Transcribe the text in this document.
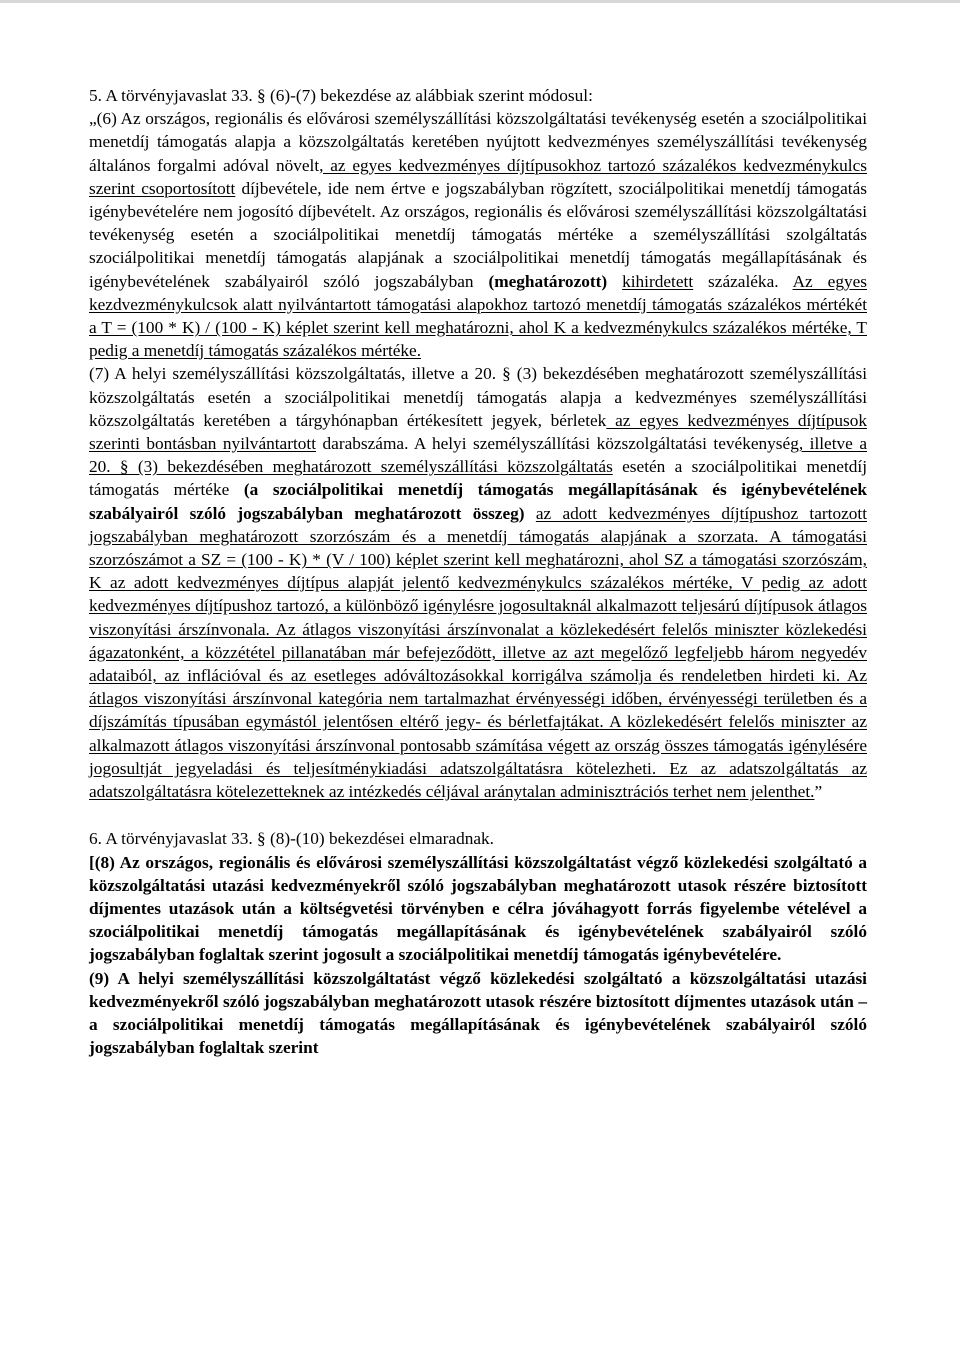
5. A törvényjavaslat 33. § (6)-(7) bekezdése az alábbiak szerint módosul:

„(6) Az országos, regionális és elővárosi személyszállítási közszolgáltatási tevékenység esetén a szociálpolitikai menetdíj támogatás alapja a közszolgáltatás keretében nyújtott kedvezményes személyszállítási tevékenység általános forgalmi adóval növelt, az egyes kedvezményes díjtípusokhoz tartozó százalékos kedvezménykulcs szerint csoportosított díjbevétele, ide nem értve e jogszabályban rögzített, szociálpolitikai menetdíj támogatás igénybevételére nem jogosító díjbevételt. Az országos, regionális és elővárosi személyszállítási közszolgáltatási tevékenység esetén a szociálpolitikai menetdíj támogatás mértéke a személyszállítási szolgáltatás szociálpolitikai menetdíj támogatás alapjának a szociálpolitikai menetdíj támogatás megállapításának és igénybevételének szabályairól szóló jogszabályban (meghatározott) kihirdetett százaléka. Az egyes kezdvezménykulcsok alatt nyilvántartott támogatási alapokhoz tartozó menetdíj támogatás százalékos mértékét a T = (100 * K) / (100 - K) képlet szerint kell meghatározni, ahol K a kedvezménykulcs százalékos mértéke, T pedig a menetdíj támogatás százalékos mértéke.

(7) A helyi személyszállítási közszolgáltatás, illetve a 20. § (3) bekezdésében meghatározott személyszállítási közszolgáltatás esetén a szociálpolitikai menetdíj támogatás alapja a kedvezményes személyszállítási közszolgáltatás keretében a tárgyhónapban értékesített jegyek, bérletek az egyes kedvezményes díjtípusok szerinti bontásban nyilvántartott darabszáma. A helyi személyszállítási közszolgáltatási tevékenység, illetve a 20. § (3) bekezdésében meghatározott személyszállítási közszolgáltatás esetén a szociálpolitikai menetdíj támogatás mértéke (a szociálpolitikai menetdíj támogatás megállapításának és igénybevételének szabályairól szóló jogszabályban meghatározott összeg) az adott kedvezményes díjtípushoz tartozott jogszabályban meghatározott szorzószám és a menetdíj támogatás alapjának a szorzata. A támogatási szorzószámot a SZ = (100 - K) * (V / 100) képlet szerint kell meghatározni, ahol SZ a támogatási szorzószám, K az adott kedvezményes díjtípus alapját jelentő kedvezménykulcs százalékos mértéke, V pedig az adott kedvezményes díjtípushoz tartozó, a különböző igénylésre jogosultaknál alkalmazott teljesárú díjtípusok átlagos viszonyítási árszínvonala. Az átlagos viszonyítási árszínvonalat a közlekedésért felelős miniszter közlekedési ágazatonként, a közzététel pillanatában már befejeződött, illetve az azt megelőző legfeljebb három negyedév adataiból, az inflációval és az esetleges adóváltozásokkal korrigálva számolja és rendeletben hirdeti ki. Az átlagos viszonyítási árszínvonal kategória nem tartalmazhat érvényességi időben, érvényességi területben és a díjszámítás típusában egymástól jelentősen eltérő jegy- és bérletfajtákat. A közlekedésért felelős miniszter az alkalmazott átlagos viszonyítási árszínvonal pontosabb számítása végett az ország összes támogatás igénylésére jogosultját jegyeladási és teljesítménykiadási adatszolgáltatásra kötelezheti. Ez az adatszolgáltatás az adatszolgáltatásra kötelezetteknek az intézkedés céljával aránytalan adminisztrációs terhet nem jelenthet.”

6. A törvényjavaslat 33. § (8)-(10) bekezdései elmaradnak.

[(8) Az országos, regionális és elővárosi személyszállítási közszolgáltatást végző közlekedési szolgáltató a közszolgáltatási utazási kedvezményekről szóló jogszabályban meghatározott utasok részére biztosított díjmentes utazások után a költségvetési törvényben e célra jóváhagyott forrás figyelembe vételével a szociálpolitikai menetdíj támogatás megállapításának és igénybevételének szabályairól szóló jogszabályban foglaltak szerint jogosult a szociálpolitikai menetdíj támogatás igénybevételére.

(9) A helyi személyszállítási közszolgáltatást végző közlekedési szolgáltató a közszolgáltatási utazási kedvezményekről szóló jogszabályban meghatározott utasok részére biztosított díjmentes utazások után – a szociálpolitikai menetdíj támogatás megállapításának és igénybevételének szabályairól szóló jogszabályban foglaltak szerint
